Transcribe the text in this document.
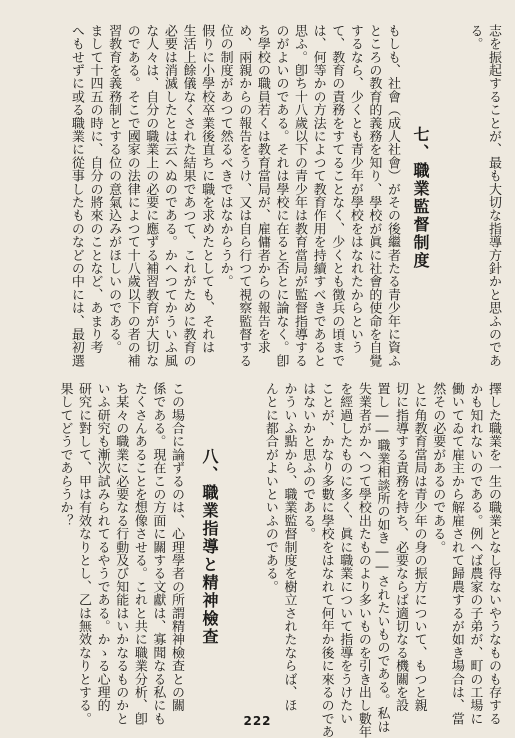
志を振起することが、最も大切な指導方針かと思ふのであ
る。
七、職業監督制度
もしも、社會（成人社會）がその後繼者たる青少年に資ふ
ところの教育的義務を知り、學校が眞に社會的使命を自覺
するなら、少くとも青少年が學校をはなれたからという
て、教育の責務をすてることなく、少くとも徴兵の頃まで
は、何等かの方法によつて教育作用を持續すべきであると
思ふ。卽ち十八歲以下の青少年は教育當局が監督指導する
のがよいのである。それは學校に在ると否とに論なく。卽
ち學校の職員若くは教育當局が、雇傭者からの報告を求
め、兩親からの報告をうけ、又は自ら行つて視察監督する
位の制度があつて然るべきではなからうか。
假りに小學校卒業後直ちに職を求めたとしても、それは
生活上餘儀なくされた結果であつて、これがために教育の
必要は消滅したとは云へぬのである。かへつてかういふ風
な人々は、自分の職業上の必要に應ずる補習教育が大切な
のである。そこで國家の法律によつて十八歲以下の者の補
習教育を義務制とする位の意氣込みがほしいのである。
まして十四五の時に、自分の將來のことなど、あまり考
へもせずに或る職業に從事したものなどの中には、最初選
擇した職業を一生の職業となし得ないやうなものも存する
かも知れないのである。例へば農家の子弟が、町の工場に
働いてゐて雇主から解雇されて歸農するが如き場合は、當
然その必要があるのである。
とに角教育當局は青少年の身の振方について、もつと親
切に指導する責務を持ち、必要ならば適切なる機關を設
置し――職業相談所の如き――されたいものである。私は
失業者がかへつて學校出たものより多いものを引き出し數年
を經過したものに多く、眞に職業について指導をうけたい
ことが、かなり多數に學校をはなれて何年か後に來るのであ
はないかと思ふのである。
かういふ點から、職業監督制度を樹立されたならば、ほ
んとに都合がよいといふのである。
八、職業指導と精神檢查
この場合に論ずるのは、心理學者の所謂精神檢查との關
係である。現在この方面に關する文獻は、寡聞なる私にも
たくさんあることを想像させる。これと共に職業分析、卽
ち某々の職業に必要なる行動及び知能はいかなるものかと
いふ研究も漸次試みられてるやうである。かゝる心理的
研究に對して、甲は有效なりとし、乙は無效なりとする。
果してどうであらうか？
222
